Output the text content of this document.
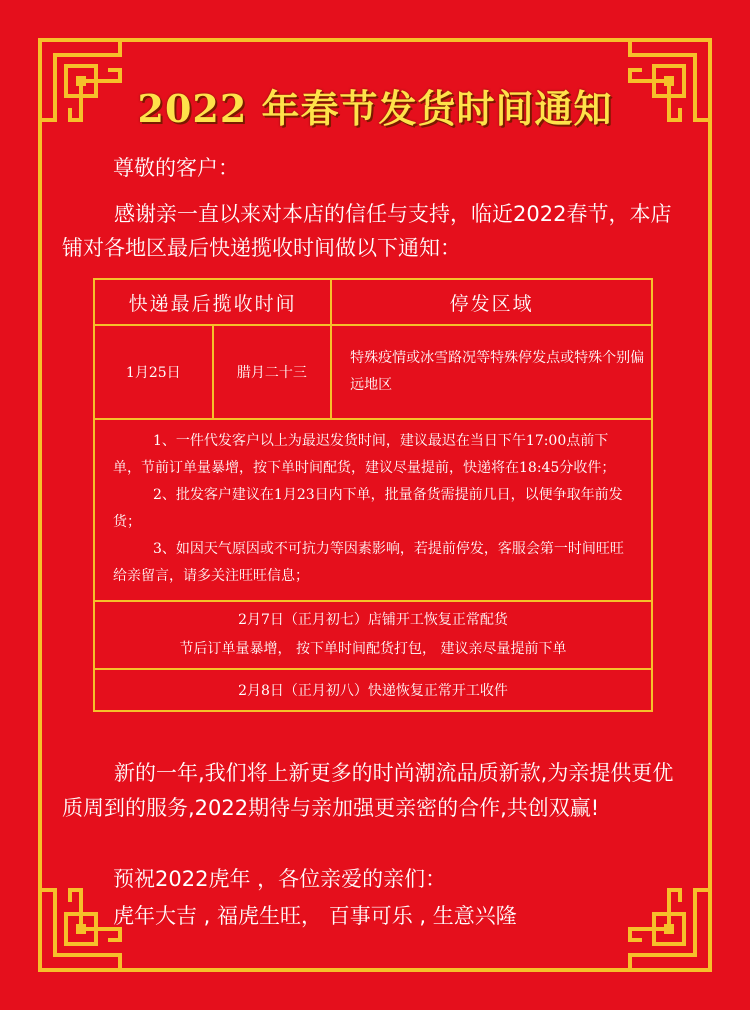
2022 年春节发货时间通知
尊敬的客户：
感谢亲一直以来对本店的信任与支持，临近2022春节，本店铺对各地区最后快递揽收时间做以下通知：
快递最后揽收时间		停发区域
1月25日	腊月二十三	特殊疫情或冰雪路况等特殊停发点或特殊个别偏远地区

1、一件代发客户以上为最迟发货时间，建议最迟在当日下午17:00点前下单，节前订单量暴增，按下单时间配货，建议尽量提前，快递将在18:45分收件；
2、批发客户建议在1月23日内下单，批量备货需提前几日，以便争取年前发货；
3、如因天气原因或不可抗力等因素影响，若提前停发，客服会第一时间旺旺给亲留言，请多关注旺旺信息；		

2月7日（正月初七）店铺开工恢复正常配货
节后订单量暴增， 按下单时间配货打包， 建议亲尽量提前下单		

2月8日（正月初八）快递恢复正常开工收件		
新的一年,我们将上新更多的时尚潮流品质新款,为亲提供更优质周到的服务,2022期待与亲加强更亲密的合作,共创双赢!
预祝2022虎年 ，各位亲爱的亲们：
虎年大吉 , 福虎生旺， 百事可乐 , 生意兴隆
